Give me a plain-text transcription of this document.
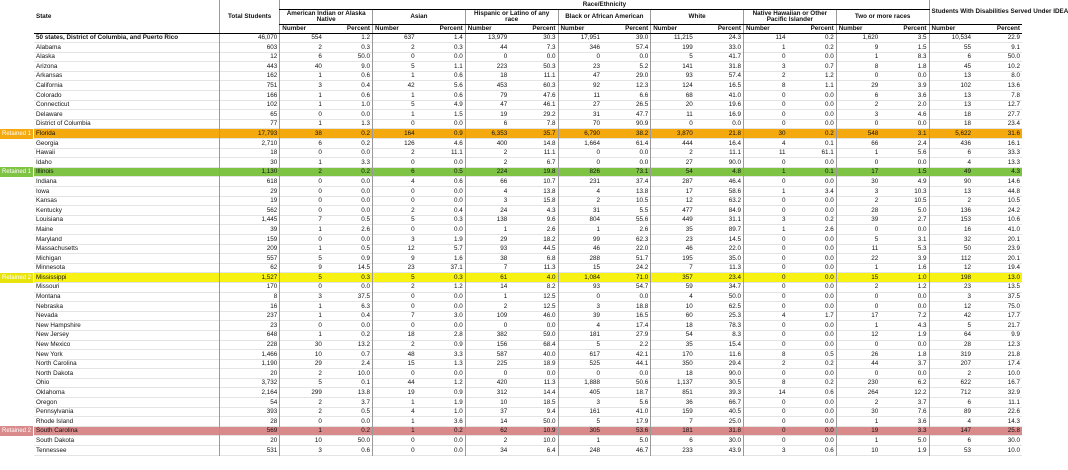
Retained 1
Retained 1
Retained 2
Retained 2
State	Total Students	Race/Ethnicity														Students With Disabilities Served Under IDEA	
		American Indian or Alaska Native		Asian		Hispanic or Latino of any race		Black or African American		White		Native Hawaiian or Other Pacific Islander		Two or more races			
		Number	Percent	Number	Percent	Number	Percent	Number	Percent	Number	Percent	Number	Percent	Number	Percent	Number	Percent
50 states, District of Columbia, and Puerto Rico	46,070	554	1.2	637	1.4	13,979	30.3	17,951	39.0	11,215	24.3	114	0.2	1,620	3.5	10,534	22.9
Alabama	603	2	0.3	2	0.3	44	7.3	346	57.4	199	33.0	1	0.2	9	1.5	55	9.1
Alaska	12	6	50.0	0	0.0	0	0.0	0	0.0	5	41.7	0	0.0	1	8.3	6	50.0
Arizona	443	40	9.0	5	1.1	223	50.3	23	5.2	141	31.8	3	0.7	8	1.8	45	10.2
Arkansas	162	1	0.6	1	0.6	18	11.1	47	29.0	93	57.4	2	1.2	0	0.0	13	8.0
California	751	3	0.4	42	5.6	453	60.3	92	12.3	124	16.5	8	1.1	29	3.9	102	13.6
Colorado	166	1	0.6	1	0.6	79	47.6	11	6.6	68	41.0	0	0.0	6	3.6	13	7.8
Connecticut	102	1	1.0	5	4.9	47	46.1	27	26.5	20	19.6	0	0.0	2	2.0	13	12.7
Delaware	65	0	0.0	1	1.5	19	29.2	31	47.7	11	16.9	0	0.0	3	4.6	18	27.7
District of Columbia	77	1	1.3	0	0.0	6	7.8	70	90.9	0	0.0	0	0.0	0	0.0	18	23.4
Florida	17,793	38	0.2	164	0.9	6,353	35.7	6,790	38.2	3,870	21.8	30	0.2	548	3.1	5,622	31.6
Georgia	2,710	6	0.2	126	4.6	400	14.8	1,664	61.4	444	16.4	4	0.1	66	2.4	436	16.1
Hawaii	18	0	0.0	2	11.1	2	11.1	0	0.0	2	11.1	11	61.1	1	5.6	6	33.3
Idaho	30	1	3.3	0	0.0	2	6.7	0	0.0	27	90.0	0	0.0	0	0.0	4	13.3
Illinois	1,130	2	0.2	6	0.5	224	19.8	826	73.1	54	4.8	1	0.1	17	1.5	49	4.3
Indiana	618	0	0.0	4	0.6	66	10.7	231	37.4	287	46.4	0	0.0	30	4.9	90	14.6
Iowa	29	0	0.0	0	0.0	4	13.8	4	13.8	17	58.6	1	3.4	3	10.3	13	44.8
Kansas	19	0	0.0	0	0.0	3	15.8	2	10.5	12	63.2	0	0.0	2	10.5	2	10.5
Kentucky	562	0	0.0	2	0.4	24	4.3	31	5.5	477	84.9	0	0.0	28	5.0	136	24.2
Louisiana	1,445	7	0.5	5	0.3	138	9.6	804	55.6	449	31.1	3	0.2	39	2.7	153	10.6
Maine	39	1	2.6	0	0.0	1	2.6	1	2.6	35	89.7	1	2.6	0	0.0	16	41.0
Maryland	159	0	0.0	3	1.9	29	18.2	99	62.3	23	14.5	0	0.0	5	3.1	32	20.1
Massachusetts	209	1	0.5	12	5.7	93	44.5	46	22.0	46	22.0	0	0.0	11	5.3	50	23.9
Michigan	557	5	0.9	9	1.6	38	6.8	288	51.7	195	35.0	0	0.0	22	3.9	112	20.1
Minnesota	62	9	14.5	23	37.1	7	11.3	15	24.2	7	11.3	0	0.0	1	1.6	12	19.4
Mississippi	1,527	5	0.3	5	0.3	61	4.0	1,084	71.0	357	23.4	0	0.0	15	1.0	198	13.0
Missouri	170	0	0.0	2	1.2	14	8.2	93	54.7	59	34.7	0	0.0	2	1.2	23	13.5
Montana	8	3	37.5	0	0.0	1	12.5	0	0.0	4	50.0	0	0.0	0	0.0	3	37.5
Nebraska	16	1	6.3	0	0.0	2	12.5	3	18.8	10	62.5	0	0.0	0	0.0	12	75.0
Nevada	237	1	0.4	7	3.0	109	46.0	39	16.5	60	25.3	4	1.7	17	7.2	42	17.7
New Hampshire	23	0	0.0	0	0.0	0	0.0	4	17.4	18	78.3	0	0.0	1	4.3	5	21.7
New Jersey	648	1	0.2	18	2.8	382	59.0	181	27.9	54	8.3	0	0.0	12	1.9	64	9.9
New Mexico	228	30	13.2	2	0.9	156	68.4	5	2.2	35	15.4	0	0.0	0	0.0	28	12.3
New York	1,466	10	0.7	48	3.3	587	40.0	617	42.1	170	11.6	8	0.5	26	1.8	319	21.8
North Carolina	1,190	29	2.4	15	1.3	225	18.9	525	44.1	350	29.4	2	0.2	44	3.7	207	17.4
North Dakota	20	2	10.0	0	0.0	0	0.0	0	0.0	18	90.0	0	0.0	0	0.0	2	10.0
Ohio	3,732	5	0.1	44	1.2	420	11.3	1,888	50.6	1,137	30.5	8	0.2	230	6.2	622	16.7
Oklahoma	2,164	299	13.8	19	0.9	312	14.4	405	18.7	851	39.3	14	0.6	264	12.2	712	32.9
Oregon	54	2	3.7	1	1.9	10	18.5	3	5.6	36	66.7	0	0.0	2	3.7	6	11.1
Pennsylvania	393	2	0.5	4	1.0	37	9.4	161	41.0	159	40.5	0	0.0	30	7.6	89	22.6
Rhode Island	28	0	0.0	1	3.6	14	50.0	5	17.9	7	25.0	0	0.0	1	3.6	4	14.3
South Carolina	569	1	0.2	1	0.2	62	10.9	305	53.6	181	31.8	0	0.0	19	3.3	147	25.8
South Dakota	20	10	50.0	0	0.0	2	10.0	1	5.0	6	30.0	0	0.0	1	5.0	6	30.0
Tennessee	531	3	0.6	0	0.0	34	6.4	248	46.7	233	43.9	3	0.6	10	1.9	53	10.0
